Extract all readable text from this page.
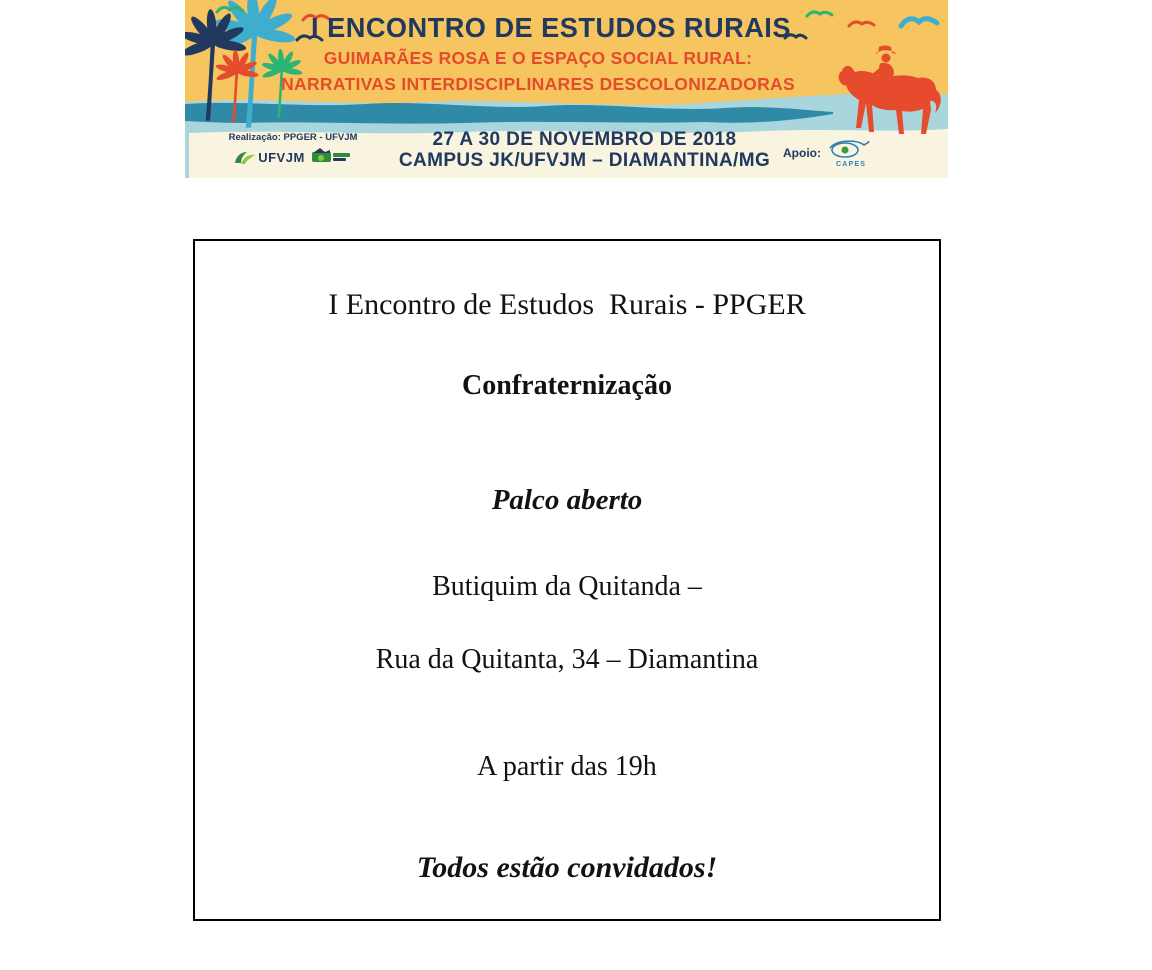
I ENCONTRO DE ESTUDOS RURAIS
GUIMARÃES ROSA E O ESPAÇO SOCIAL RURAL:
NARRATIVAS INTERDISCIPLINARES DESCOLONIZADORAS
Realização: PPGER - UFVJM
UFVJM
27 A 30 DE NOVEMBRO DE 2018
CAMPUS JK/UFVJM – DIAMANTINA/MG	Apoio:
CAPES

I Encontro de Estudos  Rurais - PPGER

Confraternização

Palco aberto

Butiquim da Quitanda –

Rua da Quitanta, 34 – Diamantina

A partir das 19h

Todos estão convidados!
